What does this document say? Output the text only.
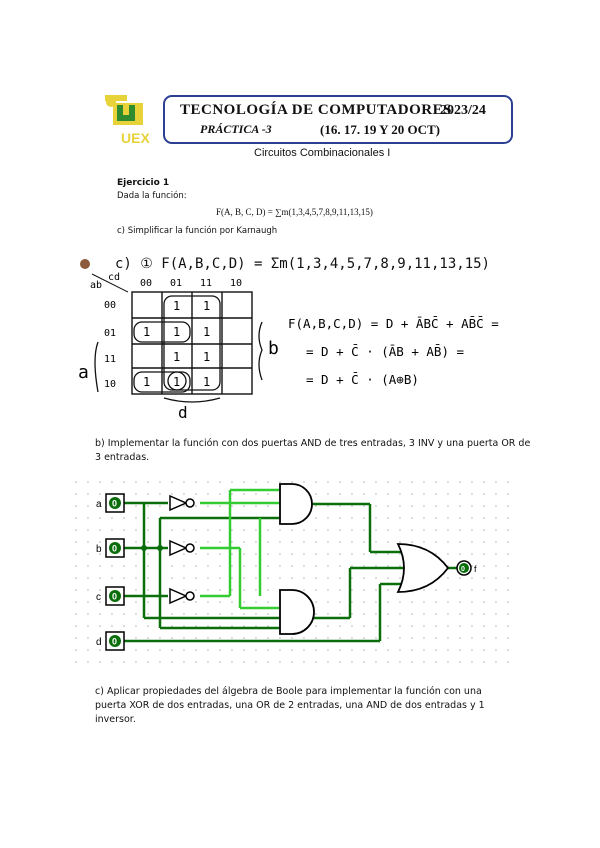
UEX
TECNOLOGÍA DE COMPUTADORES
2023/24
PRÁCTICA -3	(16. 17. 19 Y 20 OCT)
Circuitos Combinacionales I
Ejercicio 1
Dada la función:
F(A, B, C, D) = ∑m(1,3,4,5,7,8,9,11,13,15)
c) Simplificar la función por Karnaugh
c) ① F(A,B,C,D) = Σm(1,3,4,5,7,8,9,11,13,15)
ab
cd
00 01 11 10
00
01
11
10
1 1
1 1 1
1 1
1 1 1
b
a
d
F(A,B,C,D) = D + ĀBC̄ + AB̄C̄ =
= D + C̄ · (ĀB + AB̄) =
= D + C̄ · (A⊕B)
b) Implementar la función con dos puertas AND de tres entradas, 3 INV y una puerta OR de 3 entradas.
a 0
b 0
c 0
d 0
0 f
c) Aplicar propiedades del álgebra de Boole para implementar la función con una puerta XOR de dos entradas, una OR de 2 entradas, una AND de dos entradas y 1 inversor.
